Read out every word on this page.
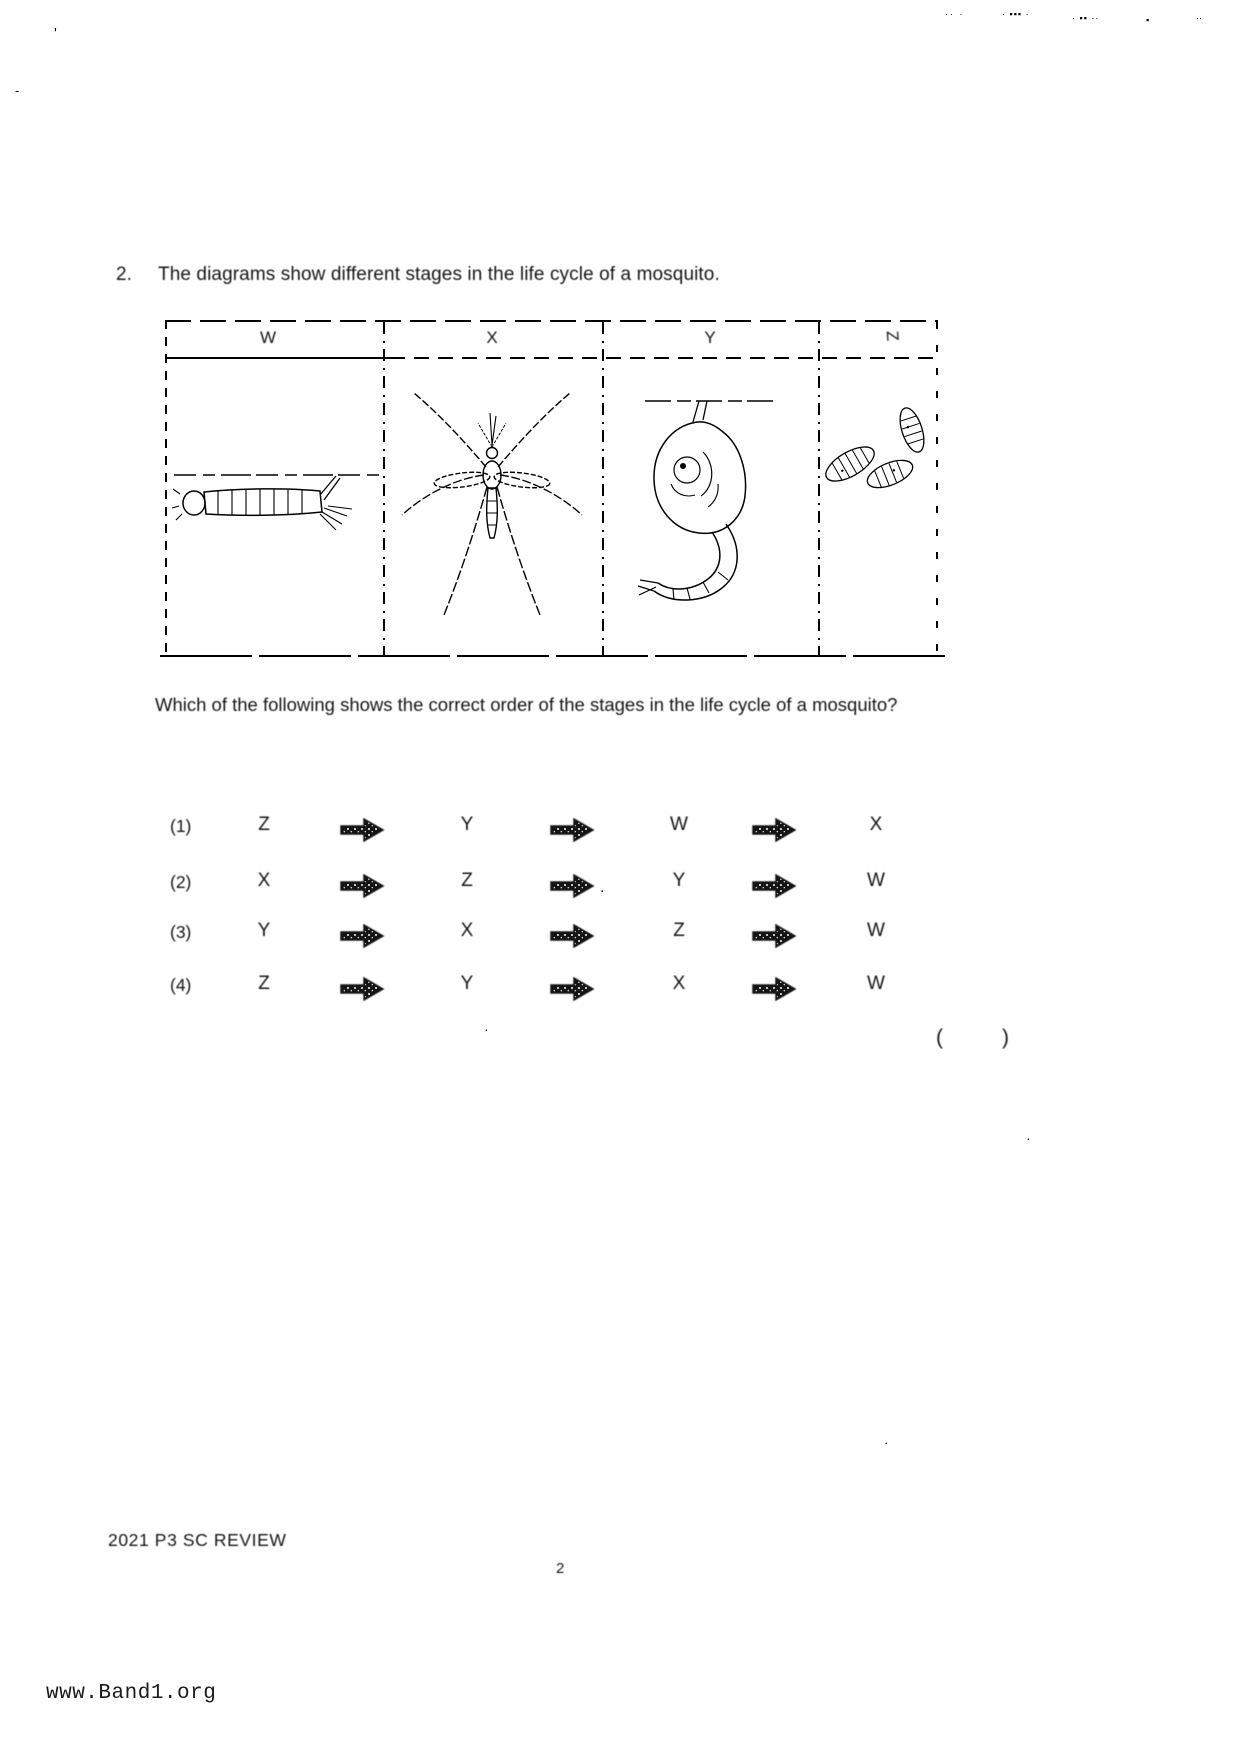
·· ·	· ▪▪▪ ·	· ▪▪ ··	▪	··
'
-
.
·
·
·
2. The diagrams show different stages in the life cycle of a mosquito.
W	X	Y	Z
Which of the following shows the correct order of the stages in the life cycle of a mosquito?
(1)	Z	Y	W	X
(2)	X	Z	Y	W
(3)	Y	X	Z	W
(4)	Z	Y	X	W
(	)
2021 P3 SC REVIEW
2
www.Band1.org
